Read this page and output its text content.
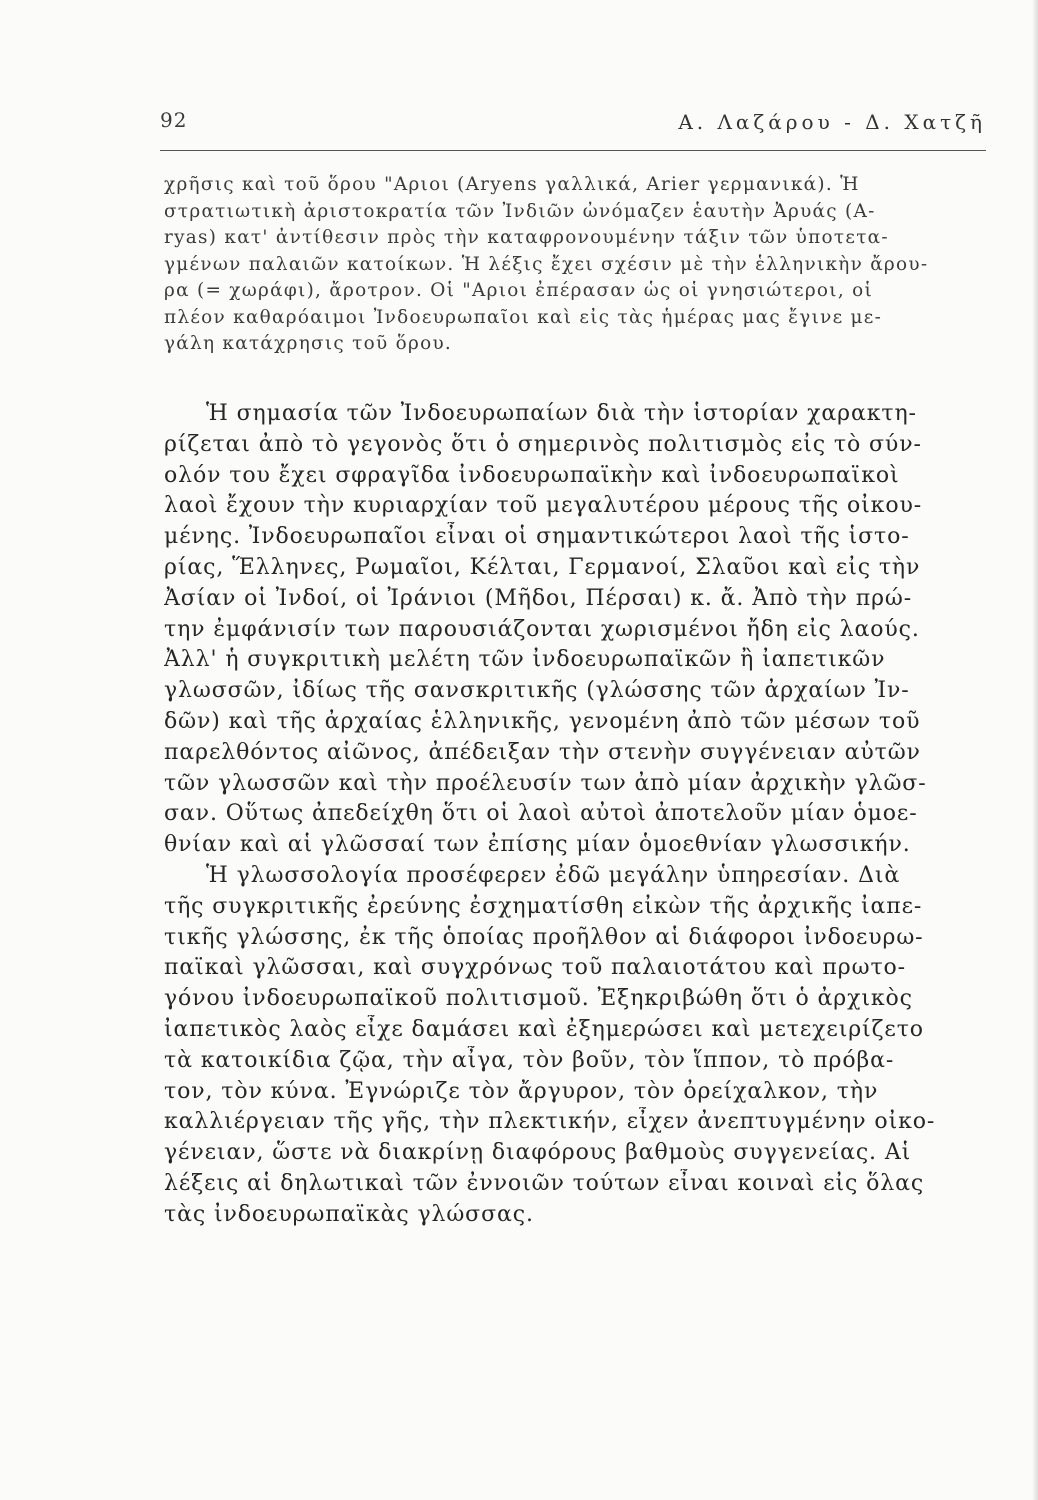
92	Α. Λαζάρου - Δ. Χατζῆ
χρῆσις καὶ τοῦ ὅρου "Αριοι (Aryens γαλλικά, Arier γερμανικά). Ἡ
στρατιωτικὴ ἀριστοκρατία τῶν Ἰνδιῶν ὠνόμαζεν ἑαυτὴν Ἀρυάς (A-
ryas) κατ' ἀντίθεσιν πρὸς τὴν καταφρονουμένην τάξιν τῶν ὑποτετα-
γμένων παλαιῶν κατοίκων. Ἡ λέξις ἔχει σχέσιν μὲ τὴν ἑλληνικὴν ἄρου-
ρα (= χωράφι), ἄροτρον. Οἱ "Αριοι ἐπέρασαν ὡς οἱ γνησιώτεροι, οἱ
πλέον καθαρόαιμοι Ἰνδοευρωπαῖοι καὶ εἰς τὰς ἡμέρας μας ἔγινε με-
γάλη κατάχρησις τοῦ ὅρου.
Ἡ σημασία τῶν Ἰνδοευρωπαίων διὰ τὴν ἱστορίαν χαρακτη-
ρίζεται ἀπὸ τὸ γεγονὸς ὅτι ὁ σημερινὸς πολιτισμὸς εἰς τὸ σύν-
ολόν του ἔχει σφραγῖδα ἰνδοευρωπαϊκὴν καὶ ἰνδοευρωπαϊκοὶ
λαοὶ ἔχουν τὴν κυριαρχίαν τοῦ μεγαλυτέρου μέρους τῆς οἰκου-
μένης. Ἰνδοευρωπαῖοι εἶναι οἱ σημαντικώτεροι λαοὶ τῆς ἱστο-
ρίας, Ἕλληνες, Ρωμαῖοι, Κέλται, Γερμανοί, Σλαῦοι καὶ εἰς τὴν
Ἀσίαν οἱ Ἰνδοί, οἱ Ἰράνιοι (Μῆδοι, Πέρσαι) κ. ἄ. Ἀπὸ τὴν πρώ-
την ἐμφάνισίν των παρουσιάζονται χωρισμένοι ἤδη εἰς λαούς.
Ἀλλ' ἡ συγκριτικὴ μελέτη τῶν ἰνδοευρωπαϊκῶν ἢ ἰαπετικῶν
γλωσσῶν, ἰδίως τῆς σανσκριτικῆς (γλώσσης τῶν ἀρχαίων Ἰν-
δῶν) καὶ τῆς ἀρχαίας ἑλληνικῆς, γενομένη ἀπὸ τῶν μέσων τοῦ
παρελθόντος αἰῶνος, ἀπέδειξαν τὴν στενὴν συγγένειαν αὐτῶν
τῶν γλωσσῶν καὶ τὴν προέλευσίν των ἀπὸ μίαν ἀρχικὴν γλῶσ-
σαν. Οὕτως ἀπεδείχθη ὅτι οἱ λαοὶ αὐτοὶ ἀποτελοῦν μίαν ὁμοε-
θνίαν καὶ αἱ γλῶσσαί των ἐπίσης μίαν ὁμοεθνίαν γλωσσικήν.
Ἡ γλωσσολογία προσέφερεν ἐδῶ μεγάλην ὑπηρεσίαν. Διὰ
τῆς συγκριτικῆς ἐρεύνης ἐσχηματίσθη εἰκὼν τῆς ἀρχικῆς ἰαπε-
τικῆς γλώσσης, ἐκ τῆς ὁποίας προῆλθον αἱ διάφοροι ἰνδοευρω-
παϊκαὶ γλῶσσαι, καὶ συγχρόνως τοῦ παλαιοτάτου καὶ πρωτο-
γόνου ἰνδοευρωπαϊκοῦ πολιτισμοῦ. Ἐξηκριβώθη ὅτι ὁ ἀρχικὸς
ἰαπετικὸς λαὸς εἶχε δαμάσει καὶ ἐξημερώσει καὶ μετεχειρίζετο
τὰ κατοικίδια ζῷα, τὴν αἶγα, τὸν βοῦν, τὸν ἵππον, τὸ πρόβα-
τον, τὸν κύνα. Ἐγνώριζε τὸν ἄργυρον, τὸν ὀρείχαλκον, τὴν
καλλιέργειαν τῆς γῆς, τὴν πλεκτικήν, εἶχεν ἀνεπτυγμένην οἰκο-
γένειαν, ὥστε νὰ διακρίνῃ διαφόρους βαθμοὺς συγγενείας. Αἱ
λέξεις αἱ δηλωτικαὶ τῶν ἐννοιῶν τούτων εἶναι κοιναὶ εἰς ὅλας
τὰς ἰνδοευρωπαϊκὰς γλώσσας.
